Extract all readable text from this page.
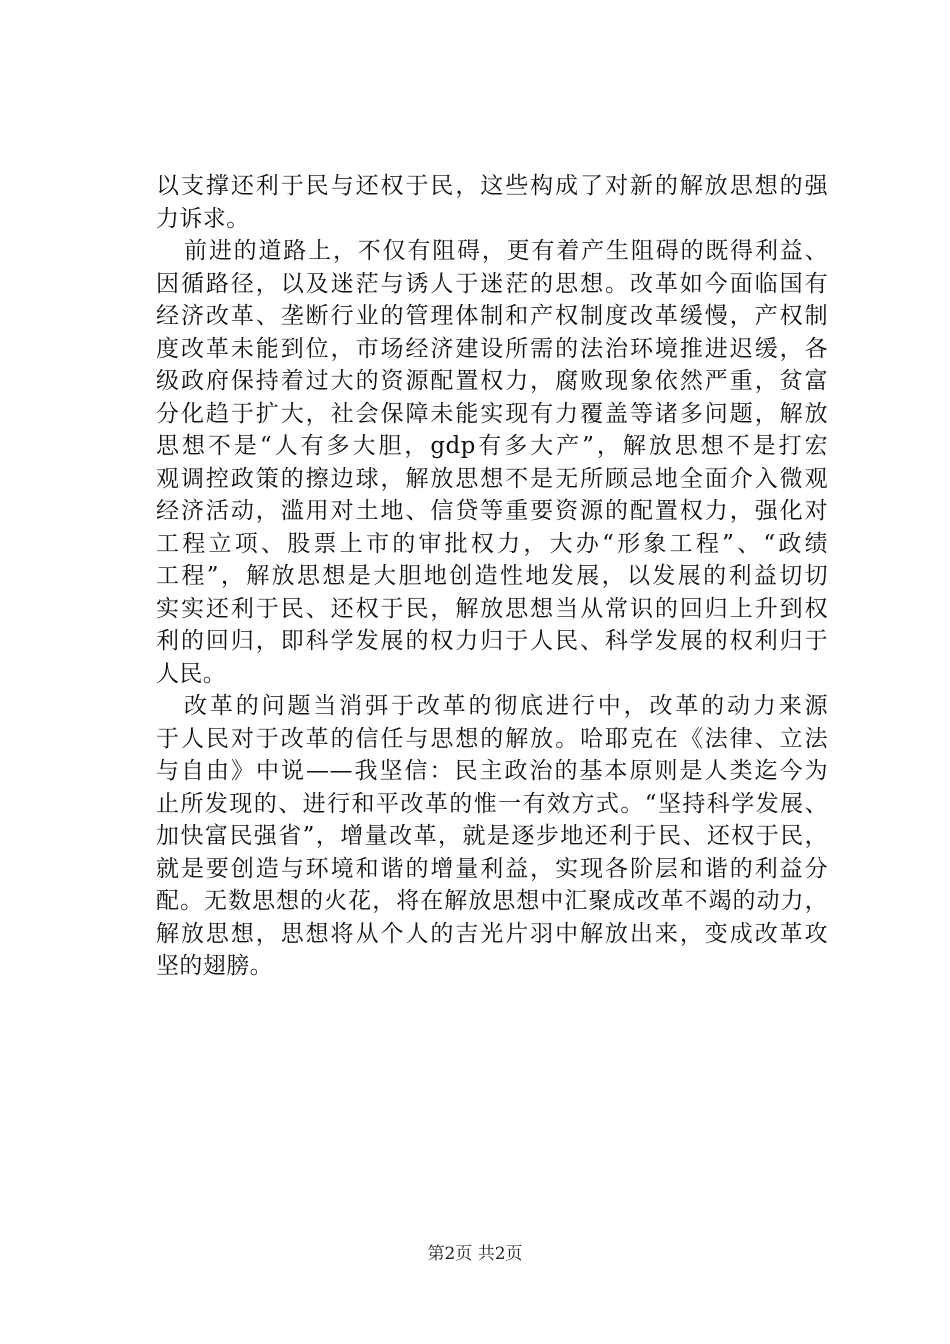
以支撑还利于民与还权于民，这些构成了对新的解放思想的强
力诉求。
前进的道路上，不仅有阻碍，更有着产生阻碍的既得利益、
因循路径，以及迷茫与诱人于迷茫的思想。改革如今面临国有
经济改革、垄断行业的管理体制和产权制度改革缓慢，产权制
度改革未能到位，市场经济建设所需的法治环境推进迟缓，各
级政府保持着过大的资源配置权力，腐败现象依然严重，贫富
分化趋于扩大，社会保障未能实现有力覆盖等诸多问题，解放
思想不是“人有多大胆，gdp有多大产”，解放思想不是打宏
观调控政策的擦边球，解放思想不是无所顾忌地全面介入微观
经济活动，滥用对土地、信贷等重要资源的配置权力，强化对
工程立项、股票上市的审批权力，大办“形象工程”、“政绩
工程”，解放思想是大胆地创造性地发展，以发展的利益切切
实实还利于民、还权于民，解放思想当从常识的回归上升到权
利的回归，即科学发展的权力归于人民、科学发展的权利归于
人民。
改革的问题当消弭于改革的彻底进行中，改革的动力来源
于人民对于改革的信任与思想的解放。哈耶克在《法律、立法
与自由》中说——我坚信：民主政治的基本原则是人类迄今为
止所发现的、进行和平改革的惟一有效方式。“坚持科学发展、
加快富民强省”，增量改革，就是逐步地还利于民、还权于民，
就是要创造与环境和谐的增量利益，实现各阶层和谐的利益分
配。无数思想的火花，将在解放思想中汇聚成改革不竭的动力，
解放思想，思想将从个人的吉光片羽中解放出来，变成改革攻
坚的翅膀。
第2页 共2页
